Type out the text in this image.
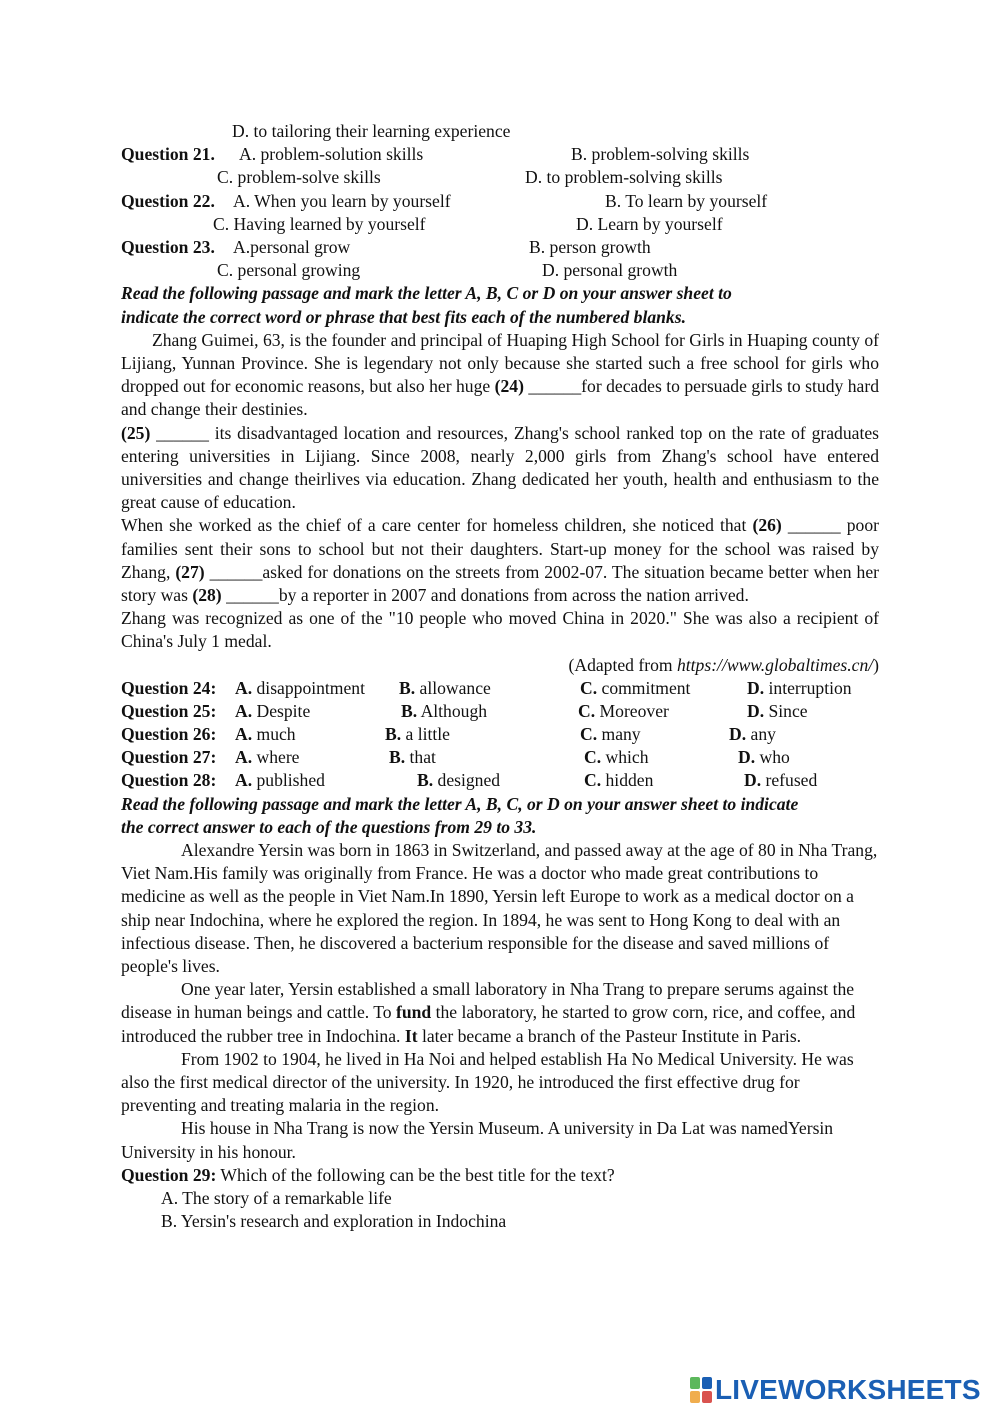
D. to tailoring their learning experience
Question 21. A. problem-solution skills	B. problem-solving skills
C. problem-solve skills	D. to problem-solving skills
Question 22. A. When you learn by yourself	B. To learn by yourself
C. Having learned by yourself	D. Learn by yourself
Question 23. A.personal grow	B. person growth
C. personal growing	D. personal growth
Read the following passage and mark the letter A, B, C or D on your answer sheet to
indicate the correct word or phrase that best fits each of the numbered blanks.

Zhang Guimei, 63, is the founder and principal of Huaping High School for Girls in Huaping county of Lijiang, Yunnan Province. She is legendary not only because she started such a free school for girls who dropped out for economic reasons, but also her huge (24) ______for decades to persuade girls to study hard and change their destinies.

(25) ______ its disadvantaged location and resources, Zhang's school ranked top on the rate of graduates entering universities in Lijiang. Since 2008, nearly 2,000 girls from Zhang's school have entered universities and change theirlives via education. Zhang dedicated her youth, health and enthusiasm to the great cause of education.

When she worked as the chief of a care center for homeless children, she noticed that (26) ______ poor families sent their sons to school but not their daughters. Start-up money for the school was raised by Zhang, (27) ______asked for donations on the streets from 2002-07. The situation became better when her story was (28) ______by a reporter in 2007 and donations from across the nation arrived.

Zhang was recognized as one of the "10 people who moved China in 2020." She was also a recipient of China's July 1 medal.

(Adapted from https://www.globaltimes.cn/)

Question 24: A. disappointment B. allowance	C. commitment	D. interruption
Question 25: A. Despite	B. Although	C. Moreover	D. Since
Question 26: A. much	B. a little	C. many	D. any
Question 27: A. where	B. that	C. which	D. who
Question 28: A. published	B. designed	C. hidden	D. refused
Read the following passage and mark the letter A, B, C, or D on your answer sheet to indicate
the correct answer to each of the questions from 29 to 33.

Alexandre Yersin was born in 1863 in Switzerland, and passed away at the age of 80 in Nha Trang, Viet Nam.His family was originally from France. He was a doctor who made great contributions to medicine as well as the people in Viet Nam.In 1890, Yersin left Europe to work as a medical doctor on a ship near Indochina, where he explored the region. In 1894, he was sent to Hong Kong to deal with an infectious disease. Then, he discovered a bacterium responsible for the disease and saved millions of people's lives.

One year later, Yersin established a small laboratory in Nha Trang to prepare serums against the disease in human beings and cattle. To fund the laboratory, he started to grow corn, rice, and coffee, and introduced the rubber tree in Indochina. It later became a branch of the Pasteur Institute in Paris.

From 1902 to 1904, he lived in Ha Noi and helped establish Ha No Medical University. He was also the first medical director of the university. In 1920, he introduced the first effective drug for preventing and treating malaria in the region.

His house in Nha Trang is now the Yersin Museum. A university in Da Lat was namedYersin University in his honour.

Question 29: Which of the following can be the best title for the text?
A. The story of a remarkable life
B. Yersin's research and exploration in Indochina
LIVEWORKSHEETS
